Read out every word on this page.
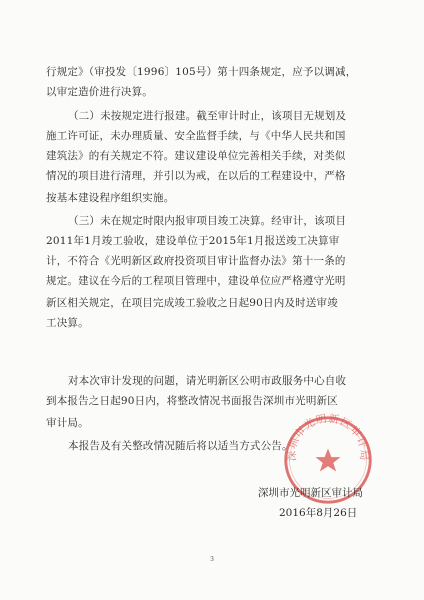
行规定》（审投发〔1996〕105号）第十四条规定，应予以调减，
以审定造价进行决算。
（二）未按规定进行报建。截至审计时止，该项目无规划及
施工许可证，未办理质量、安全监督手续，与《中华人民共和国
建筑法》的有关规定不符。建议建设单位完善相关手续，对类似
情况的项目进行清理，并引以为戒，在以后的工程建设中，严格
按基本建设程序组织实施。
（三）未在规定时限内报审项目竣工决算。经审计，该项目
2011年1月竣工验收，建设单位于2015年1月报送竣工决算审
计，不符合《光明新区政府投资项目审计监督办法》第十一条的
规定。建议在今后的工程项目管理中，建设单位应严格遵守光明
新区相关规定，在项目完成竣工验收之日起90日内及时送审竣
工决算。
对本次审计发现的问题，请光明新区公明市政服务中心自收
到本报告之日起90日内，将整改情况书面报告深圳市光明新区
审计局。
本报告及有关整改情况随后将以适当方式公告。
深圳市光明新区审计局
深圳市光明新区审计局
2016年8月26日
3
